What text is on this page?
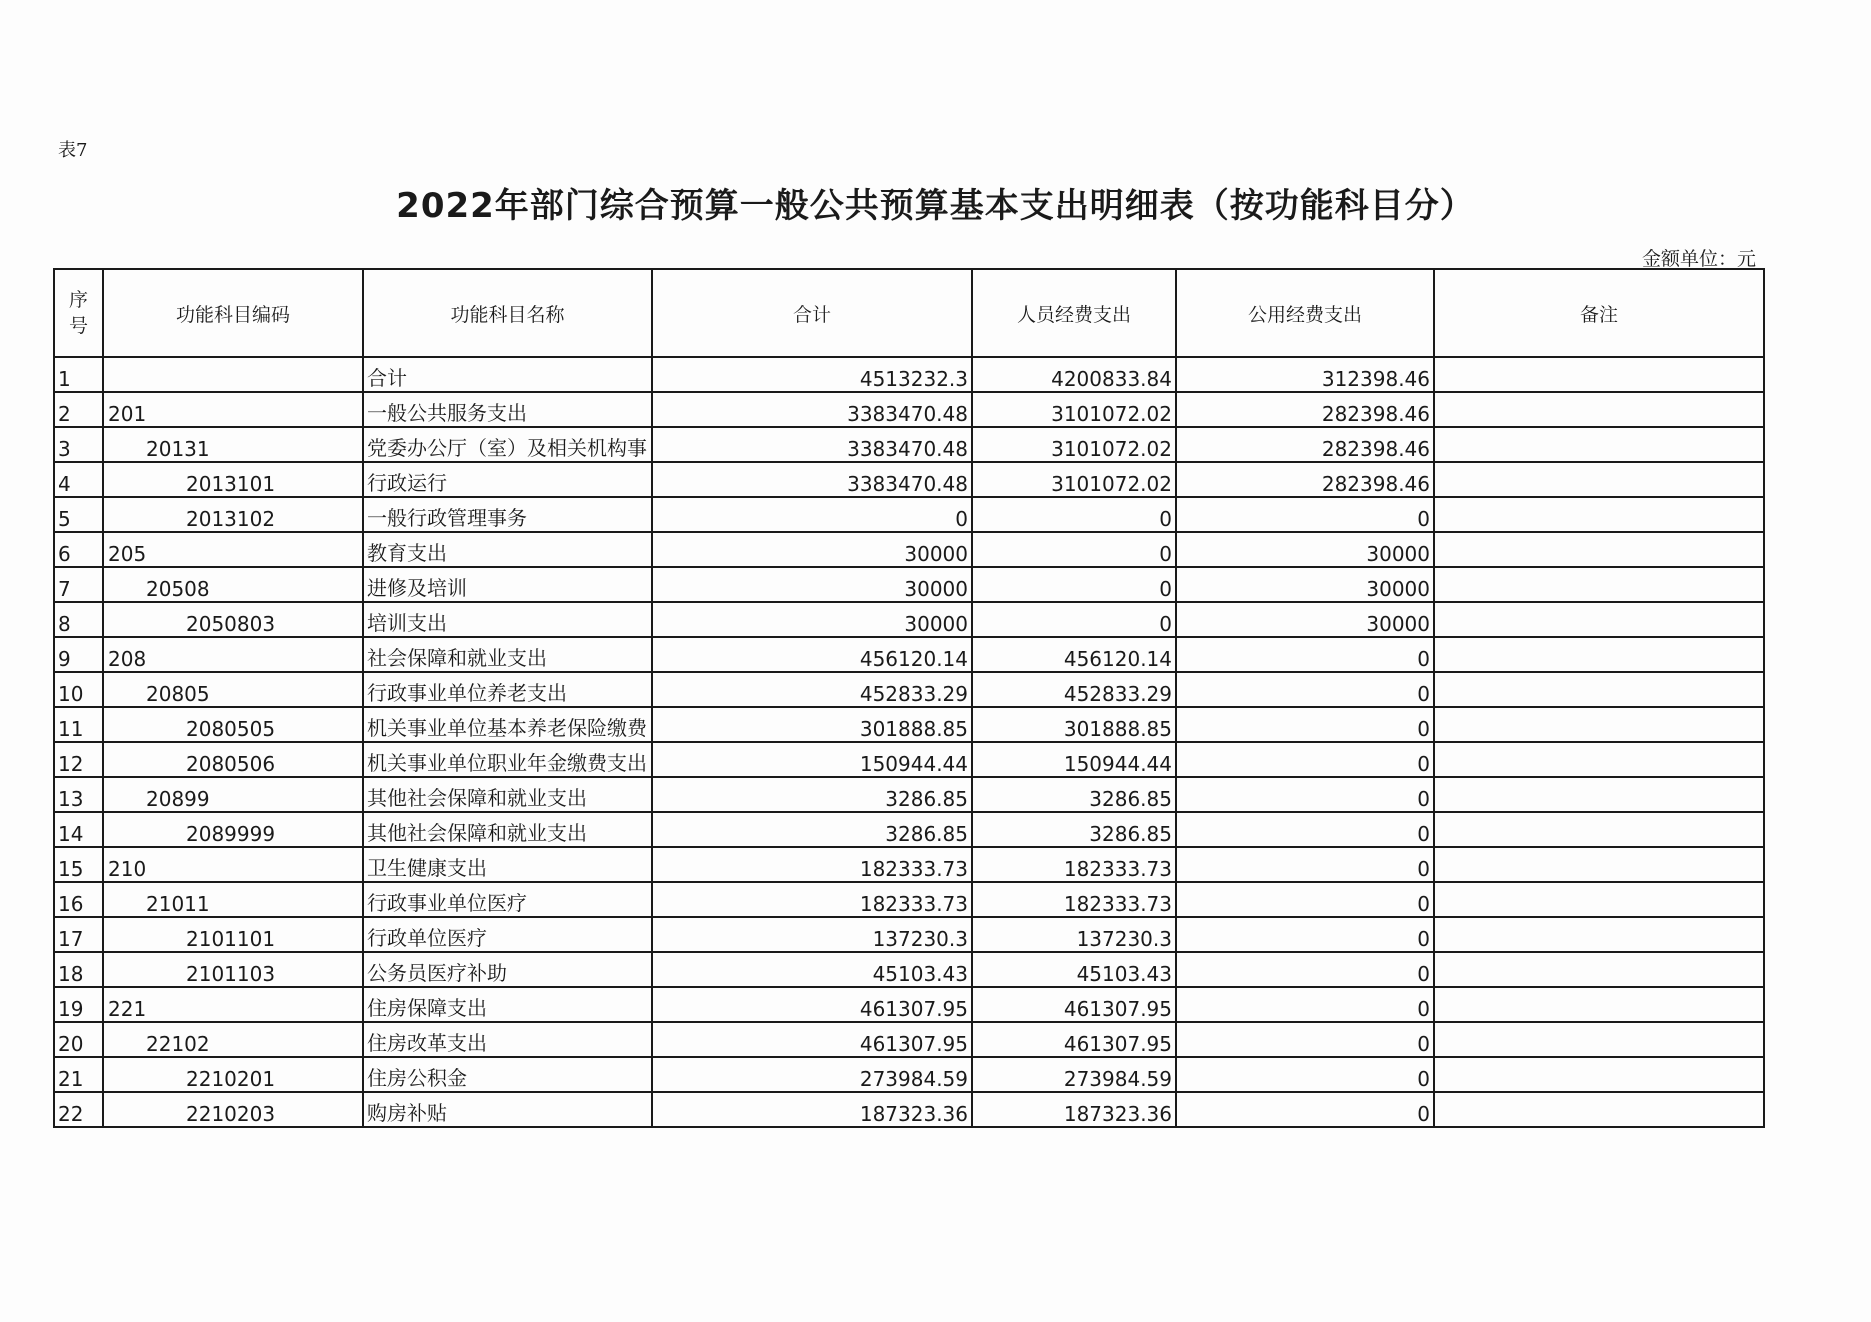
表7
2022年部门综合预算一般公共预算基本支出明细表（按功能科目分）
金额单位：元
序号	功能科目编码	功能科目名称	合计	人员经费支出	公用经费支出	备注
1		合计	4513232.3	4200833.84	312398.46	
2	201	一般公共服务支出	3383470.48	3101072.02	282398.46	
3	20131	党委办公厅（室）及相关机构事	3383470.48	3101072.02	282398.46	
4	2013101	行政运行	3383470.48	3101072.02	282398.46	
5	2013102	一般行政管理事务	0	0	0	
6	205	教育支出	30000	0	30000	
7	20508	进修及培训	30000	0	30000	
8	2050803	培训支出	30000	0	30000	
9	208	社会保障和就业支出	456120.14	456120.14	0	
10	20805	行政事业单位养老支出	452833.29	452833.29	0	
11	2080505	机关事业单位基本养老保险缴费	301888.85	301888.85	0	
12	2080506	机关事业单位职业年金缴费支出	150944.44	150944.44	0	
13	20899	其他社会保障和就业支出	3286.85	3286.85	0	
14	2089999	其他社会保障和就业支出	3286.85	3286.85	0	
15	210	卫生健康支出	182333.73	182333.73	0	
16	21011	行政事业单位医疗	182333.73	182333.73	0	
17	2101101	行政单位医疗	137230.3	137230.3	0	
18	2101103	公务员医疗补助	45103.43	45103.43	0	
19	221	住房保障支出	461307.95	461307.95	0	
20	22102	住房改革支出	461307.95	461307.95	0	
21	2210201	住房公积金	273984.59	273984.59	0	
22	2210203	购房补贴	187323.36	187323.36	0	
